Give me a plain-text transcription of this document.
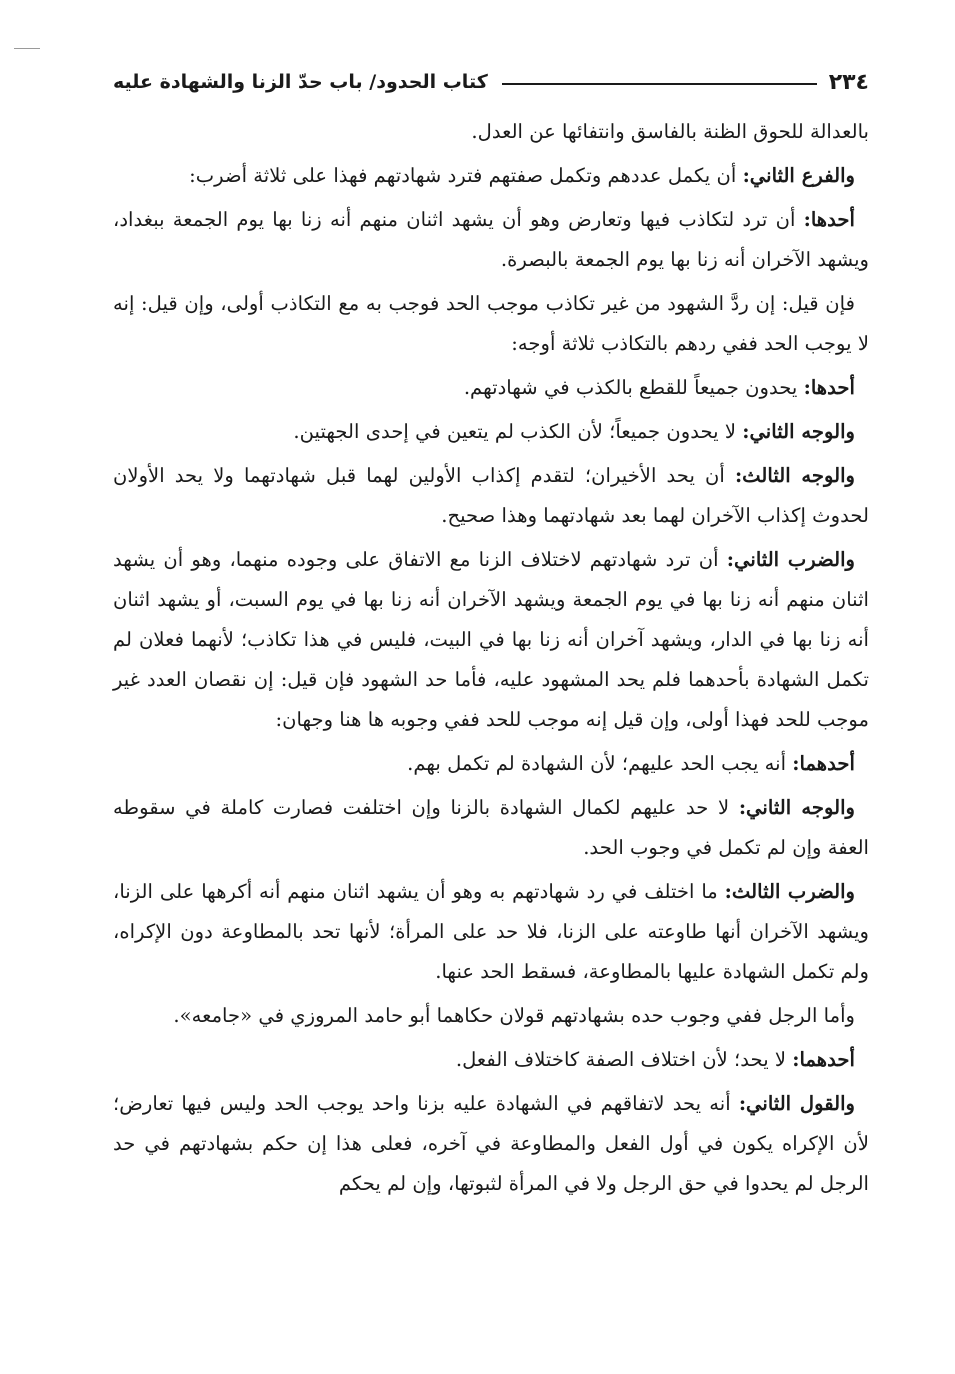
٢٣٤
كتاب الحدود/ باب حدّ الزنا والشهادة عليه

بالعدالة للحوق الظنة بالفاسق وانتفائها عن العدل.

والفرع الثاني: أن يكمل عددهم وتكمل صفتهم فترد شهادتهم فهذا على ثلاثة أضرب:

أحدها: أن ترد لتكاذب فيها وتعارض وهو أن يشهد اثنان منهم أنه زنا بها يوم الجمعة ببغداد، ويشهد الآخران أنه زنا بها يوم الجمعة بالبصرة.

فإن قيل: إن ردَّ الشهود من غير تكاذب موجب الحد فوجب به مع التكاذب أولى، وإن قيل: إنه لا يوجب الحد ففي ردهم بالتكاذب ثلاثة أوجه:

أحدها: يحدون جميعاً للقطع بالكذب في شهادتهم.

والوجه الثاني: لا يحدون جميعاً؛ لأن الكذب لم يتعين في إحدى الجهتين.

والوجه الثالث: أن يحد الأخيران؛ لتقدم إكذاب الأولين لهما قبل شهادتهما ولا يحد الأولان لحدوث إكذاب الآخران لهما بعد شهادتهما وهذا صحيح.

والضرب الثاني: أن ترد شهادتهم لاختلاف الزنا مع الاتفاق على وجوده منهما، وهو أن يشهد اثنان منهم أنه زنا بها في يوم الجمعة ويشهد الآخران أنه زنا بها في يوم السبت، أو يشهد اثنان أنه زنا بها في الدار، ويشهد آخران أنه زنا بها في البيت، فليس في هذا تكاذب؛ لأنهما فعلان لم تكمل الشهادة بأحدهما فلم يحد المشهود عليه، فأما حد الشهود فإن قيل: إن نقصان العدد غير موجب للحد فهذا أولى، وإن قيل إنه موجب للحد ففي وجوبه ها هنا وجهان:

أحدهما: أنه يجب الحد عليهم؛ لأن الشهادة لم تكمل بهم.

والوجه الثاني: لا حد عليهم لكمال الشهادة بالزنا وإن اختلفت فصارت كاملة في سقوطه العفة وإن لم تكمل في وجوب الحد.

والضرب الثالث: ما اختلف في رد شهادتهم به وهو أن يشهد اثنان منهم أنه أكرهها على الزنا، ويشهد الآخران أنها طاوعته على الزنا، فلا حد على المرأة؛ لأنها تحد بالمطاوعة دون الإكراه، ولم تكمل الشهادة عليها بالمطاوعة، فسقط الحد عنها.

وأما الرجل ففي وجوب حده بشهادتهم قولان حكاهما أبو حامد المروزي في «جامعه».

أحدهما: لا يحد؛ لأن اختلاف الصفة كاختلاف الفعل.

والقول الثاني: أنه يحد لاتفاقهم في الشهادة عليه بزنا واحد يوجب الحد وليس فيها تعارض؛ لأن الإكراه يكون في أول الفعل والمطاوعة في آخره، فعلى هذا إن حكم بشهادتهم في حد الرجل لم يحدوا في حق الرجل ولا في المرأة لثبوتها، وإن لم يحكم
